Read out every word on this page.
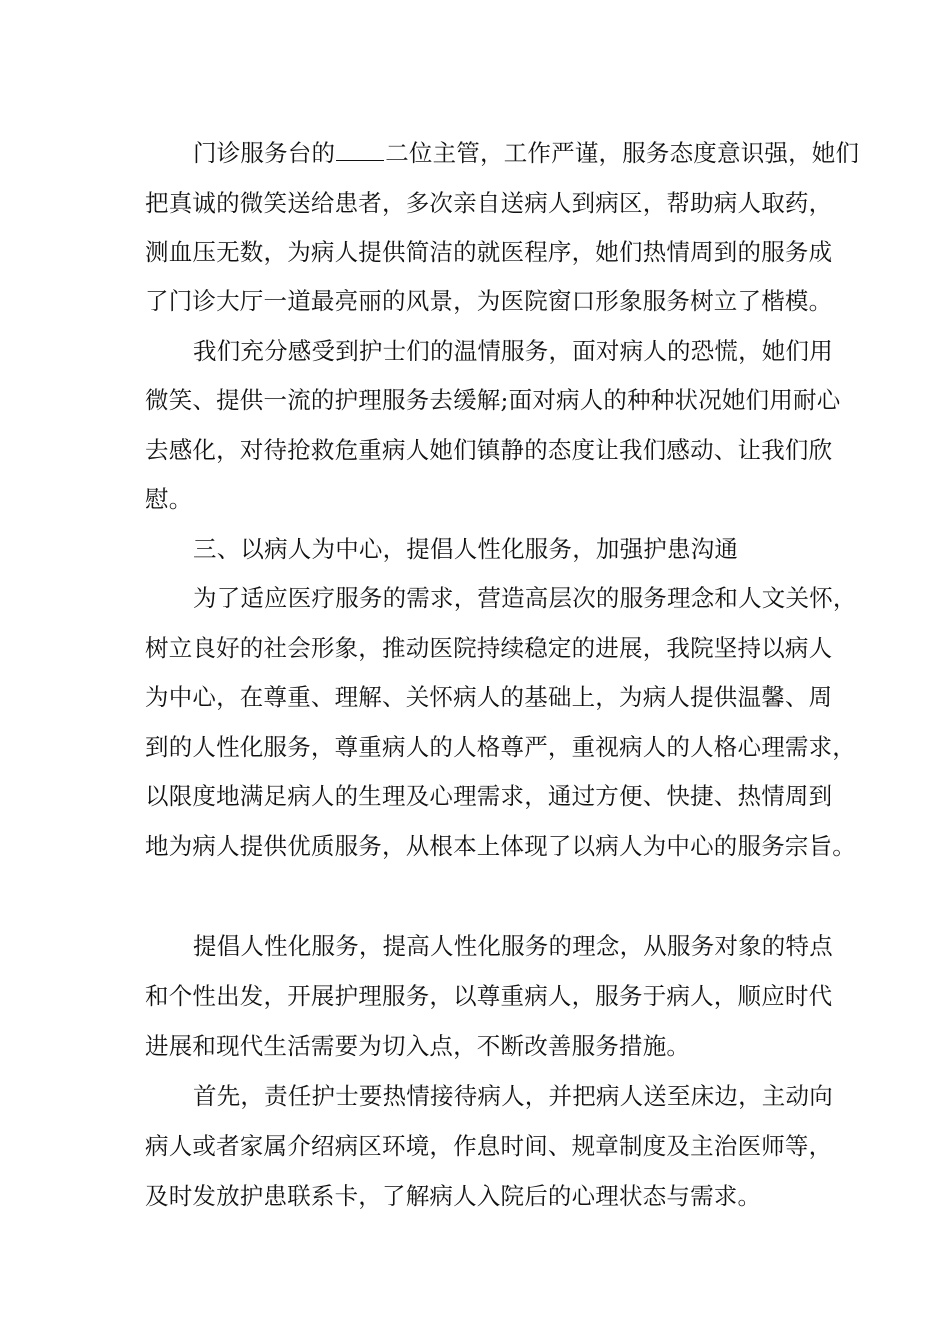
门诊服务台的 二位主管，工作严谨，服务态度意识强，她们
把真诚的微笑送给患者，多次亲自送病人到病区，帮助病人取药，
测血压无数，为病人提供简洁的就医程序，她们热情周到的服务成
了门诊大厅一道最亮丽的风景，为医院窗口形象服务树立了楷模。
我们充分感受到护士们的温情服务，面对病人的恐慌，她们用
微笑、提供一流的护理服务去缓解;面对病人的种种状况她们用耐心
去感化，对待抢救危重病人她们镇静的态度让我们感动、让我们欣
慰。
三、以病人为中心，提倡人性化服务，加强护患沟通
为了适应医疗服务的需求，营造高层次的服务理念和人文关怀，
树立良好的社会形象，推动医院持续稳定的进展，我院坚持以病人
为中心，在尊重、理解、关怀病人的基础上，为病人提供温馨、周
到的人性化服务，尊重病人的人格尊严，重视病人的人格心理需求，
以限度地满足病人的生理及心理需求，通过方便、快捷、热情周到
地为病人提供优质服务，从根本上体现了以病人为中心的服务宗旨。
提倡人性化服务，提高人性化服务的理念，从服务对象的特点
和个性出发，开展护理服务，以尊重病人，服务于病人，顺应时代
进展和现代生活需要为切入点，不断改善服务措施。
首先，责任护士要热情接待病人，并把病人送至床边，主动向
病人或者家属介绍病区环境，作息时间、规章制度及主治医师等，
及时发放护患联系卡，了解病人入院后的心理状态与需求。
